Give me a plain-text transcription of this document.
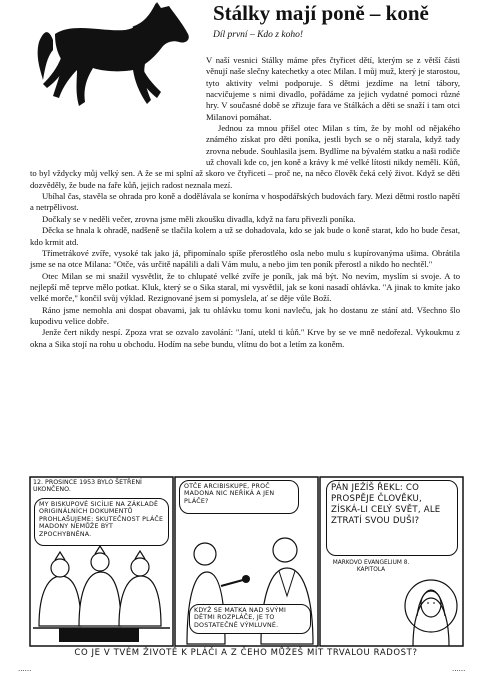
Stálky mají poně – koně
Díl první – Kdo z koho!

V naší vesnici Stálky máme přes čtyřicet dětí, kterým se z větší části věnují naše slečny katechetky a otec Milan. I můj muž, který je starostou, tyto aktivity velmi podporuje. S dětmi jezdíme na letní tábory, nacvičujeme s nimi divadlo, pořádáme za jejich vydatné pomoci různé hry. V současné době se zřizuje fara ve Stálkách a děti se snaží i tam otci Milanovi pomáhat.

Jednou za mnou přišel otec Milan s tím, že by mohl od nějakého známého získat pro děti poníka, jestli bych se o něj starala, když tady zrovna nebude. Souhlasila jsem. Bydlíme na bývalém statku a naši rodiče už chovali kde co, jen koně a krávy k mé velké lítosti nikdy neměli. Kůň, to byl vždycky můj velký sen. A že se mi splní až skoro ve čtyřiceti – proč ne, na něco člověk čeká celý život. Když se děti dozvěděly, že bude na faře kůň, jejich radost neznala mezí.

Ubíhal čas, stavěla se ohrada pro koně a dodělávala se konírna v hospodářských budovách fary. Mezi dětmi rostlo napětí a netrpělivost.

Dočkaly se v neděli večer, zrovna jsme měli zkoušku divadla, když na faru přivezli poníka.

Děcka se hnala k ohradě, nadšeně se tlačila kolem a už se dohadovala, kdo se jak bude o koně starat, kdo ho bude česat, kdo krmit atd.

Třímetrákové zvíře, vysoké tak jako já, připomínalo spíše přerostlého osla nebo mulu s kupírovanýma ušima. Obrátila jsme se na otce Milana: "Otče, vás určitě napálili a dali Vám mulu, a nebo jim ten poník přerostl a nikdo ho nechtěl."

Otec Milan se mi snažil vysvětlit, že to chlupaté velké zvíře je poník, jak má být. No nevím, myslím si svoje. A to nejlepší mě teprve mělo potkat. Kluk, který se o Sika staral, mi vysvětlil, jak se koni nasadí ohlávka. "A jinak to kmíte jako velké morče," končil svůj výklad. Rezignované jsem si pomyslela, ať se děje vůle Boží.

Ráno jsme nemohla ani dospat obavami, jak tu ohlávku tomu koni navleču, jak ho dostanu ze stání atd. Všechno šlo kupodivu velice dobře.

Jenže čert nikdy nespí. Zpoza vrat se ozvalo zavolání: "Janí, utekl ti kůň." Krve by se ve mně nedořezal. Vykoukmu z okna a Sika stojí na rohu u obchodu. Hodím na sebe bundu, vlítnu do bot a letím za koněm.

12. PROSINCE 1953 BYLO ŠETŘENÍ UKONČENO.
MY BISKUPOVÉ SICÍLIE NA ZÁKLADĚ ORIGINÁLNÍCH DOKUMENTŮ PROHLAŠUJEME: SKUTEČNOST PLÁČE MADONY NEMŮŽE BÝT ZPOCHYBNĚNA.
OTČE ARCIBISKUPE, PROČ MADONA NIC NEŘÍKÁ A JEN PLÁČE?
KDYŽ SE MATKA NAD SVÝMI DĚTMI ROZPLÁČE, JE TO DOSTATEČNĚ VÝMLUVNÉ.
PÁN JEŽÍŠ ŘEKL: CO PROSPĚJE ČLOVĚKU, ZÍSKÁ-LI CELÝ SVĚT, ALE ZTRATÍ SVOU DUŠI?
MARKOVO EVANGELIUM 8. KAPITOLA
CO JE V TVÉM ŽIVOTĚ K PLÁČI A Z ČEHO MŮŽEŠ MÍT TRVALOU RADOST?
......	......
